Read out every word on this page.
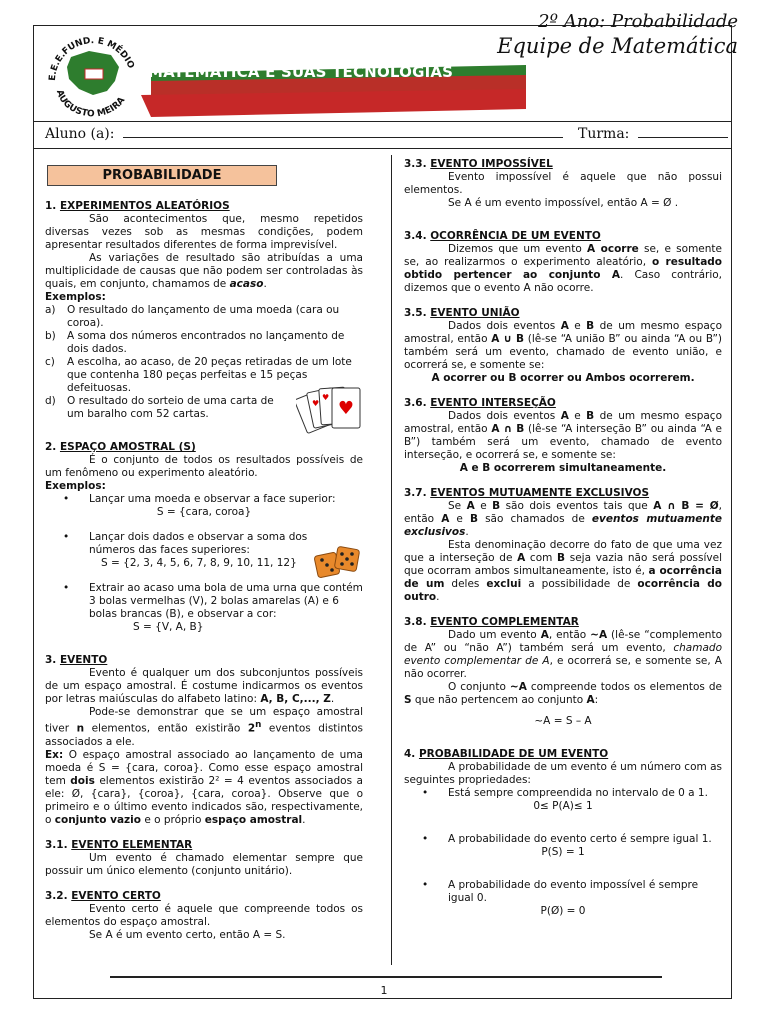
E.E.E.FUND. E MÉDIO
AUGUSTO MEIRA
MATEMÁTICA E SUAS TECNOLOGIAS
2º Ano: Probabilidade
Equipe de Matemática
Aluno (a):	Turma:
PROBABILIDADE
1. EXPERIMENTOS ALEATÓRIOS

São acontecimentos que, mesmo repetidos diversas vezes sob as mesmas condições, podem apresentar resultados diferentes de forma imprevisível.

As variações de resultado são atribuídas a uma multiplicidade de causas que não podem ser controladas às quais, em conjunto, chamamos de acaso.

Exemplos:

a)	O resultado do lançamento de uma moeda (cara ou coroa).
b)	A soma dos números encontrados no lançamento de dois dados.
c)	A escolha, ao acaso, de 20 peças retiradas de um lote que contenha 180 peças perfeitas e 15 peças defeituosas.
d)	O resultado do sorteio de uma carta de um baralho com 52 cartas.
2. ESPAÇO AMOSTRAL (S)

É o conjunto de todos os resultados possíveis de um fenômeno ou experimento aleatório.

Exemplos:

•	Lançar uma moeda e observar a face superior:

S = {cara, coroa}

•	Lançar dois dados e observar a soma dos números das faces superiores:

S = {2, 3, 4, 5, 6, 7, 8, 9, 10, 11, 12}

•	Extrair ao acaso uma bola de uma urna que contém 3 bolas vermelhas (V), 2 bolas amarelas (A) e 6 bolas brancas (B), e observar a cor:

S = {V, A, B}

3. EVENTO

Evento é qualquer um dos subconjuntos possíveis de um espaço amostral. É costume indicarmos os eventos por letras maiúsculas do alfabeto latino: A, B, C,..., Z.

Pode-se demonstrar que se um espaço amostral tiver n elementos, então existirão 2$^n$ eventos distintos associados a ele.

Ex: O espaço amostral associado ao lançamento de uma moeda é S = {cara, coroa}. Como esse espaço amostral tem dois elementos existirão 2² = 4 eventos associados a ele: Ø, {cara}, {coroa}, {cara, coroa}. Observe que o primeiro e o último evento indicados são, respectivamente, o conjunto vazio e o próprio espaço amostral.

3.1. EVENTO ELEMENTAR

Um evento é chamado elementar sempre que possuir um único elemento (conjunto unitário).

3.2. EVENTO CERTO

Evento certo é aquele que compreende todos os elementos do espaço amostral.

Se A é um evento certo, então A = S.

♥
♥
♥
3.3. EVENTO IMPOSSÍVEL

Evento impossível é aquele que não possui elementos.

Se A é um evento impossível, então A = Ø .

3.4. OCORRÊNCIA DE UM EVENTO

Dizemos que um evento A ocorre se, e somente se, ao realizarmos o experimento aleatório, o resultado obtido pertencer ao conjunto A. Caso contrário, dizemos que o evento A não ocorre.

3.5. EVENTO UNIÃO

Dados dois eventos A e B de um mesmo espaço amostral, então A ∪ B (lê-se “A união B” ou ainda “A ou B”) também será um evento, chamado de evento união, e ocorrerá se, e somente se:

A ocorrer ou B ocorrer ou Ambos ocorrerem.

3.6. EVENTO INTERSEÇÃO

Dados dois eventos A e B de um mesmo espaço amostral, então A ∩ B (lê-se “A interseção B” ou ainda “A e B”) também será um evento, chamado de evento interseção, e ocorrerá se, e somente se:

A e B ocorrerem simultaneamente.

3.7. EVENTOS MUTUAMENTE EXCLUSIVOS

Se A e B são dois eventos tais que A ∩ B = Ø, então A e B são chamados de eventos mutuamente exclusivos.

Esta denominação decorre do fato de que uma vez que a interseção de A com B seja vazia não será possível que ocorram ambos simultaneamente, isto é, a ocorrência de um deles exclui a possibilidade de ocorrência do outro.

3.8. EVENTO COMPLEMENTAR

Dado um evento A, então ~A (lê-se “complemento de A” ou “não A”) também será um evento, chamado evento complementar de A, e ocorrerá se, e somente se, A não ocorrer.

O conjunto ~A compreende todos os elementos de S que não pertencem ao conjunto A:

~A = S – A

4. PROBABILIDADE DE UM EVENTO

A probabilidade de um evento é um número com as seguintes propriedades:

•	Está sempre compreendida no intervalo de 0 a 1.

0≤ P(A)≤ 1

•	A probabilidade do evento certo é sempre igual 1.

P(S) = 1

•	A probabilidade do evento impossível é sempre igual 0.

P(Ø) = 0

1
